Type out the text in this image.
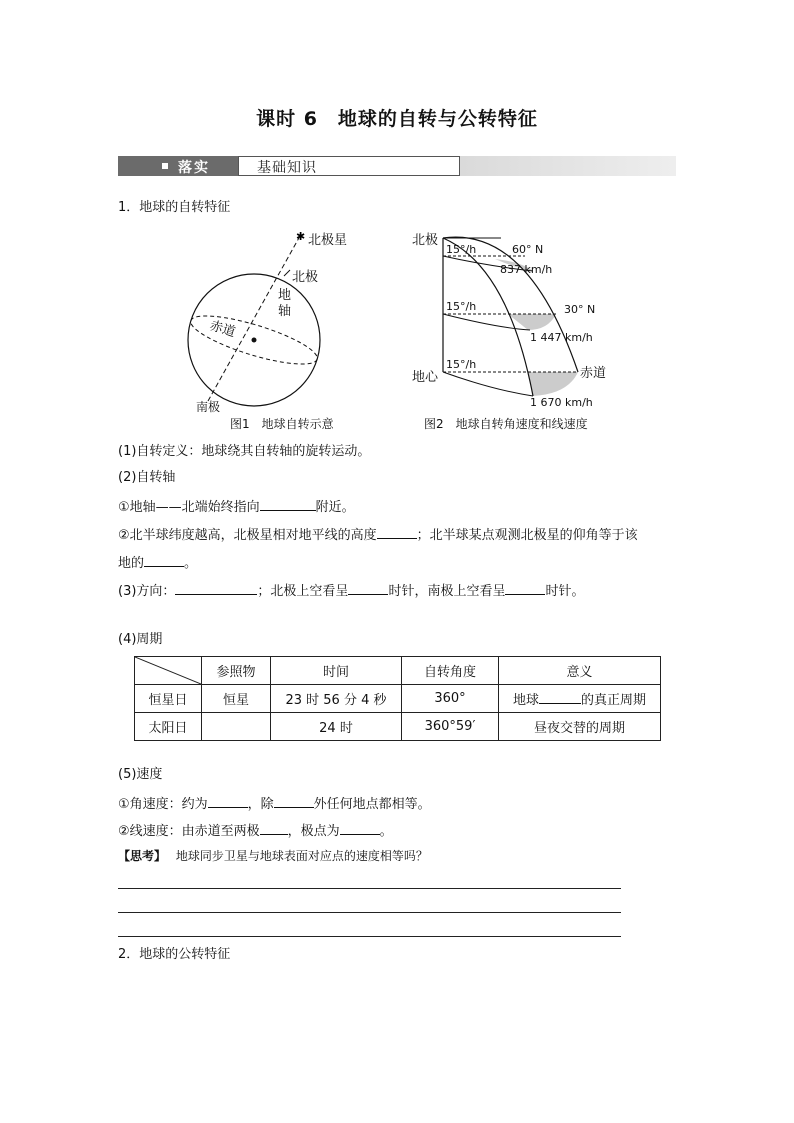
课时 6　地球的自转与公转特征
落实	基础知识
1．地球的自转特征
✱ 北极星
北极
地
轴
赤道
南极
图1　地球自转示意
北极
地心	赤道
15°/h
15°/h
15°/h
60° N
30° N
837 km/h
1 447 km/h
1 670 km/h
图2　地球自转角速度和线速度
(1)自转定义：地球绕其自转轴的旋转运动。
(2)自转轴
①地轴——北端始终指向	附近。
②北半球纬度越高，北极星相对地平线的高度	；北半球某点观测北极星的仰角等于该
地的	。
(3)方向：	；北极上空看呈	时针，南极上空看呈	时针。
(4)周期
	参照物	时间	自转角度	意义
恒星日	恒星	23 时 56 分 4 秒	360°	地球 的真正周期
太阳日		24 时	360°59′	昼夜交替的周期
(5)速度
①角速度：约为	，除	外任何地点都相等。
②线速度：由赤道至两极 ，极点为	。
【思考】 地球同步卫星与地球表面对应点的速度相等吗？
2．地球的公转特征
